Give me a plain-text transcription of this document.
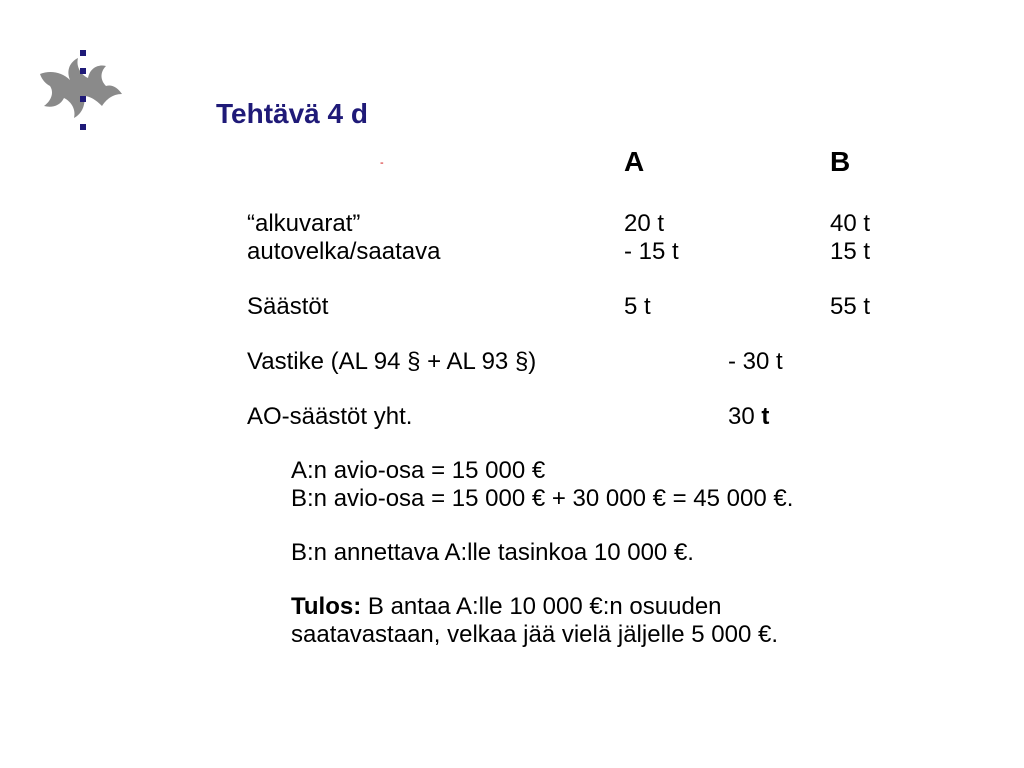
Tehtävä 4 d
-	A	B
“alkuvarat”	20 t	40 t
autovelka/saatava	- 15 t	15 t
Säästöt	5 t	55 t
Vastike (AL 94 § + AL 93 §)	- 30 t
AO-säästöt yht.	30 t
A:n avio-osa = 15 000 €
B:n avio-osa = 15 000 € + 30 000 € = 45 000 €.
B:n annettava A:lle tasinkoa 10 000 €.
Tulos: B antaa A:lle 10 000 €:n osuuden
saatavastaan, velkaa jää vielä jäljelle 5 000 €.
